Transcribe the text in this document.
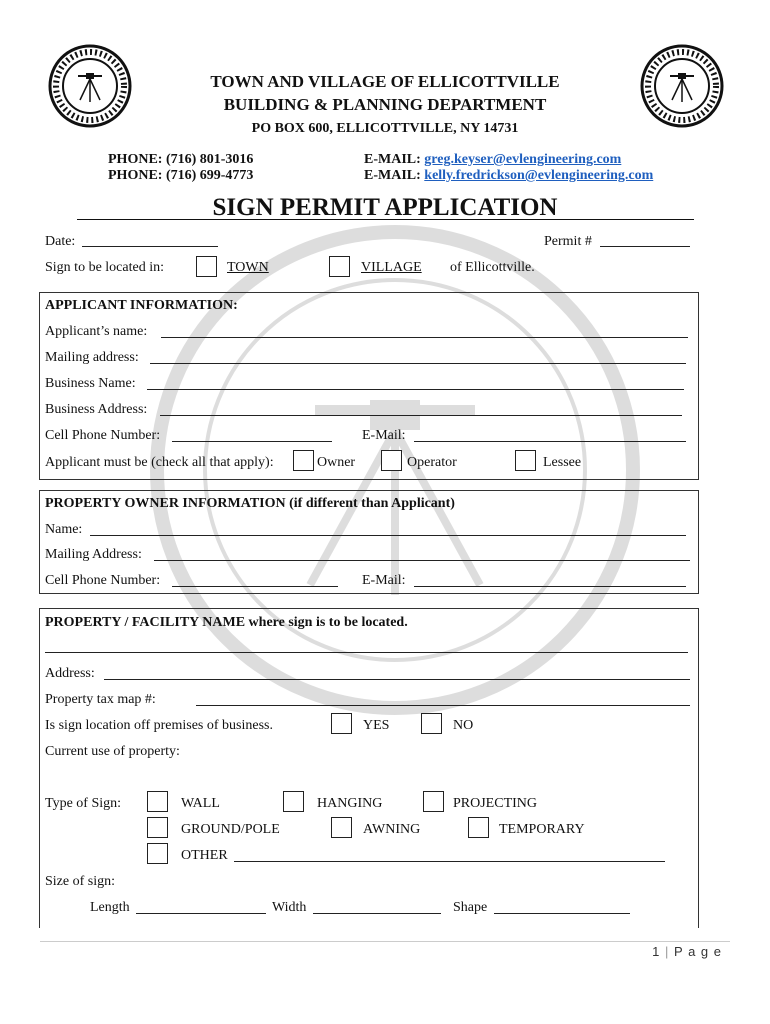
TOWN AND VILLAGE OF ELLICOTTVILLE
BUILDING & PLANNING DEPARTMENT
PO BOX 600, ELLICOTTVILLE, NY 14731
PHONE: (716) 801-3016
PHONE: (716) 699-4773
E-MAIL: greg.keyser@evlengineering.com
E-MAIL: kelly.fredrickson@evlengineering.com
SIGN PERMIT APPLICATION
Date:	Permit #
Sign to be located in:	TOWN	VILLAGE of Ellicottville.
APPLICANT INFORMATION:
Applicant’s name:
Mailing address:
Business Name:
Business Address:
Cell Phone Number:	E-Mail:
Applicant must be (check all that apply):	Owner	Operator	Lessee
PROPERTY OWNER INFORMATION (if different than Applicant)
Name:
Mailing Address:
Cell Phone Number:	E-Mail:
PROPERTY / FACILITY NAME where sign is to be located.
Address:
Property tax map #:
Is sign location off premises of business.	YES	NO
Current use of property:
Type of Sign:	WALL	HANGING	PROJECTING
GROUND/POLE	AWNING	TEMPORARY
OTHER
Size of sign:
Length	Width	Shape
1 | P a g e
